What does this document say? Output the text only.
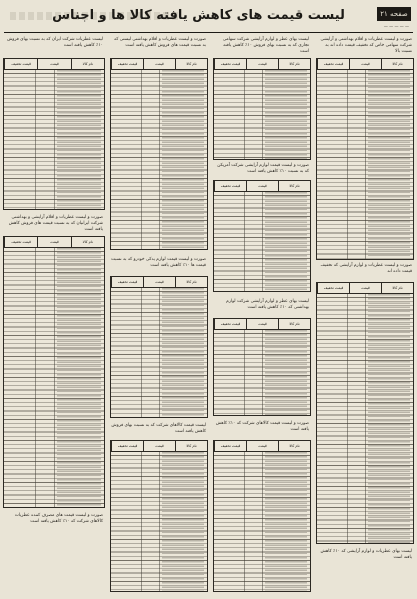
صفحه ۲۱
لیست قیمت های کاهش یافته کالا ها و اجناس
— — — — —
صورت و لیست عطریات و اقلام بهداشتی و آرایشی شرکت سهامی خاص که تخفیف قیمت داده اند به نسبت بالا
نام کالا
قیمت
قیمت تخفیف
صورت و لیست عطریات و لوازم آرایشی که تخفیف قیمت داده اند
نام کالا
قیمت
قیمت تخفیف
لیست بهای عطریات و لوازم آرایشی که ۱۰٪ کاهش یافته است
لیست بهای عطر و لوازم آرایشی شرکت سهامی تجاری که به نسبت بهای فروش ۱۰٪ کاهش یافته است
نام کالا
قیمت
قیمت تخفیف
صورت و لیست قیمت لوازم آرایشی شرکت آمریکن که به نسبت ۱۰٪ کاهش یافته است
نام کالا
قیمت
قیمت تخفیف
لیست بهای عطر و لوازم آرایشی شرکت لوازم بهداشتی که ۱۰٪ کاهش یافته است
نام کالا
قیمت
قیمت تخفیف
صورت و لیست قیمت کالاهای شرکت که ۱۰٪ کاهش یافته است
نام کالا
قیمت
قیمت تخفیف
صورت و لیست عطریات و اقلام بهداشتی لیستی که به نسبت قیمت های فروش کاهش یافته است
نام کالا
قیمت
قیمت تخفیف
صورت و لیست قیمت لوازم یدکی خودرو که به نسبت قیمت ها ۱۰٪ کاهش یافته است
نام کالا
قیمت
قیمت تخفیف
لیست قیمت کالاهای شرکت که به نسبت بهای فروش کاهش یافته است
نام کالا
قیمت
قیمت تخفیف
لیست عطریات شرکت ایران که به نسبت بهای فروش ۱۰٪ کاهش یافته است
نام کالا
قیمت
قیمت تخفیف
صورت و لیست عطریات و اقلام آرایشی و بهداشتی شرکت ایرانیان که به نسبت قیمت های فروش کاهش یافته است
نام کالا
قیمت
قیمت تخفیف
صورت و لیست قیمت های مصرف کننده عطریات کالاهای شرکت که ۱۰٪ کاهش یافته است
